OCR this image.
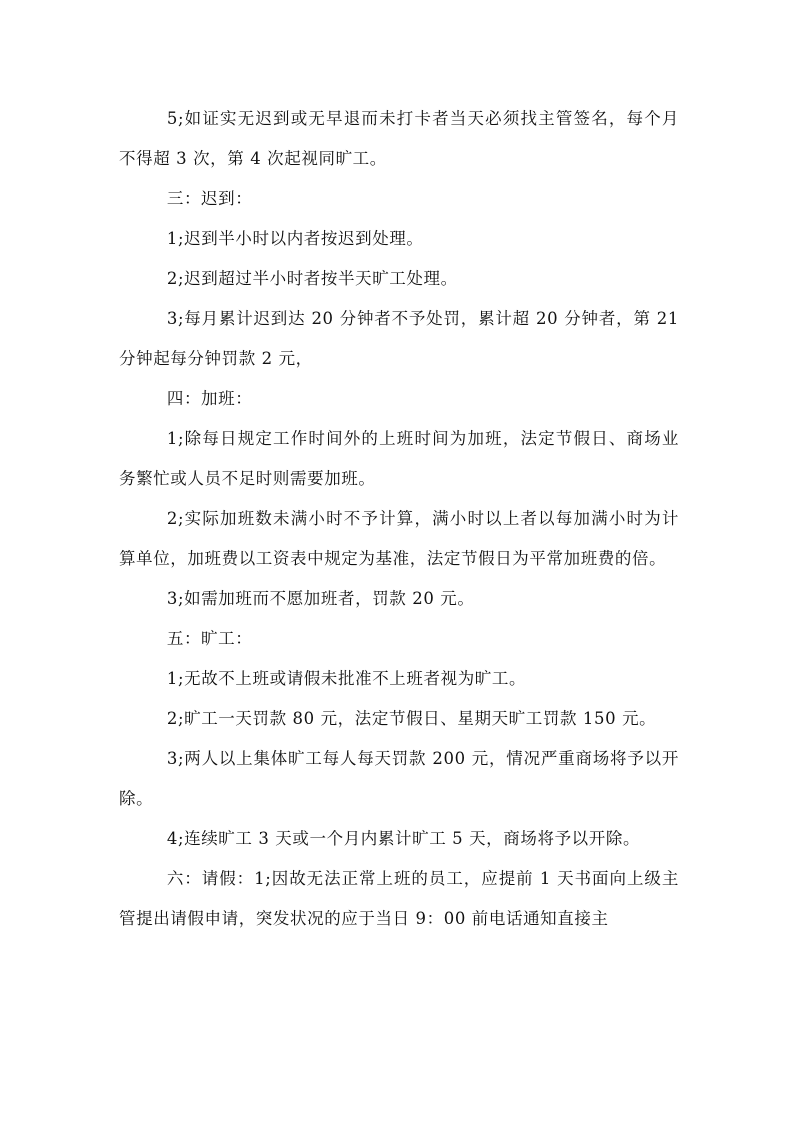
5;如证实无迟到或无早退而未打卡者当天必须找主管签名，每个月不得超 3 次，第 4 次起视同旷工。

三：迟到：

1;迟到半小时以内者按迟到处理。

2;迟到超过半小时者按半天旷工处理。

3;每月累计迟到达 20 分钟者不予处罚，累计超 20 分钟者，第 21 分钟起每分钟罚款 2 元，

四：加班：

1;除每日规定工作时间外的上班时间为加班，法定节假日、商场业务繁忙或人员不足时则需要加班。

2;实际加班数未满小时不予计算，满小时以上者以每加满小时为计算单位，加班费以工资表中规定为基准，法定节假日为平常加班费的倍。

3;如需加班而不愿加班者，罚款 20 元。

五：旷工：

1;无故不上班或请假未批准不上班者视为旷工。

2;旷工一天罚款 80 元，法定节假日、星期天旷工罚款 150 元。

3;两人以上集体旷工每人每天罚款 200 元，情况严重商场将予以开除。

4;连续旷工 3 天或一个月内累计旷工 5 天，商场将予以开除。

六：请假：1;因故无法正常上班的员工，应提前 1 天书面向上级主管提出请假申请，突发状况的应于当日 9：00 前电话通知直接主
